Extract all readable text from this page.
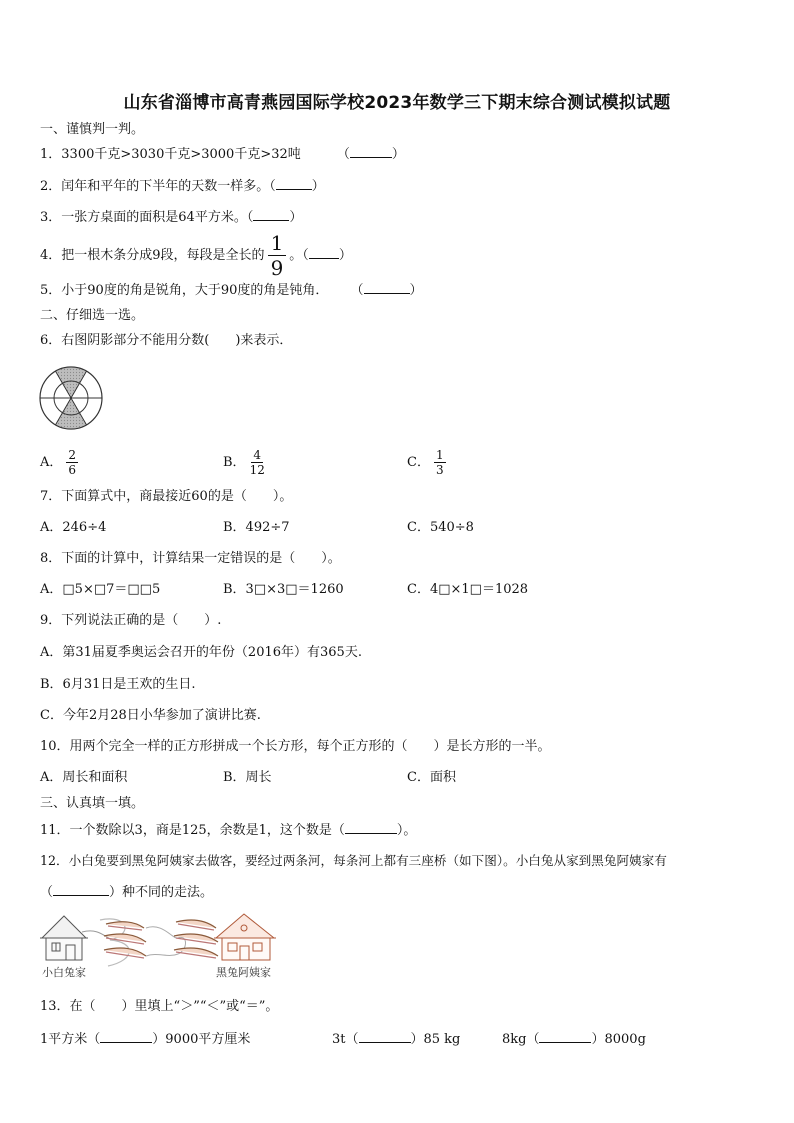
山东省淄博市高青燕园国际学校2023年数学三下期末综合测试模拟试题
一、谨慎判一判。
1．3300千克>3030千克>3000千克>32吨	（	）
2．闰年和平年的下半年的天数一样多。（	）
3．一张方桌面的面积是64平方米。（	）
4．把一根木条分成9段，每段是全长的 $\frac{1}{9}$ 。（ ）
5．小于90度的角是锐角，大于90度的角是钝角． （	）
二、仔细选一选。
6．右图阴影部分不能用分数(　　)来表示．
A． $\frac{2}{6}$	B． $\frac{4}{12}$	C． $\frac{1}{3}$
7．下面算式中，商最接近60的是（　　）。
A．246÷4	B．492÷7	C．540÷8
8．下面的计算中，计算结果一定错误的是（　　）。
A．□5×□7＝□□5	B．3□×3□＝1260	C．4□×1□＝1028
9．下列说法正确的是（　　）.
A．第31届夏季奥运会召开的年份（2016年）有365天.
B．6月31日是王欢的生日.
C．今年2月28日小华参加了演讲比赛.
10．用两个完全一样的正方形拼成一个长方形，每个正方形的（　　）是长方形的一半。
A．周长和面积	B．周长	C．面积
三、认真填一填。
11．一个数除以3，商是125，余数是1，这个数是（	）。
12．小白兔要到黑兔阿姨家去做客，要经过两条河，每条河上都有三座桥（如下图）。小白兔从家到黑兔阿姨家有
（	）种不同的走法。
小白兔家	黑兔阿姨家
13．在（　　）里填上“＞”“＜”或“＝”。
1平方米（	）9000平方厘米	3t（	）85 kg	8kg（	）8000g
